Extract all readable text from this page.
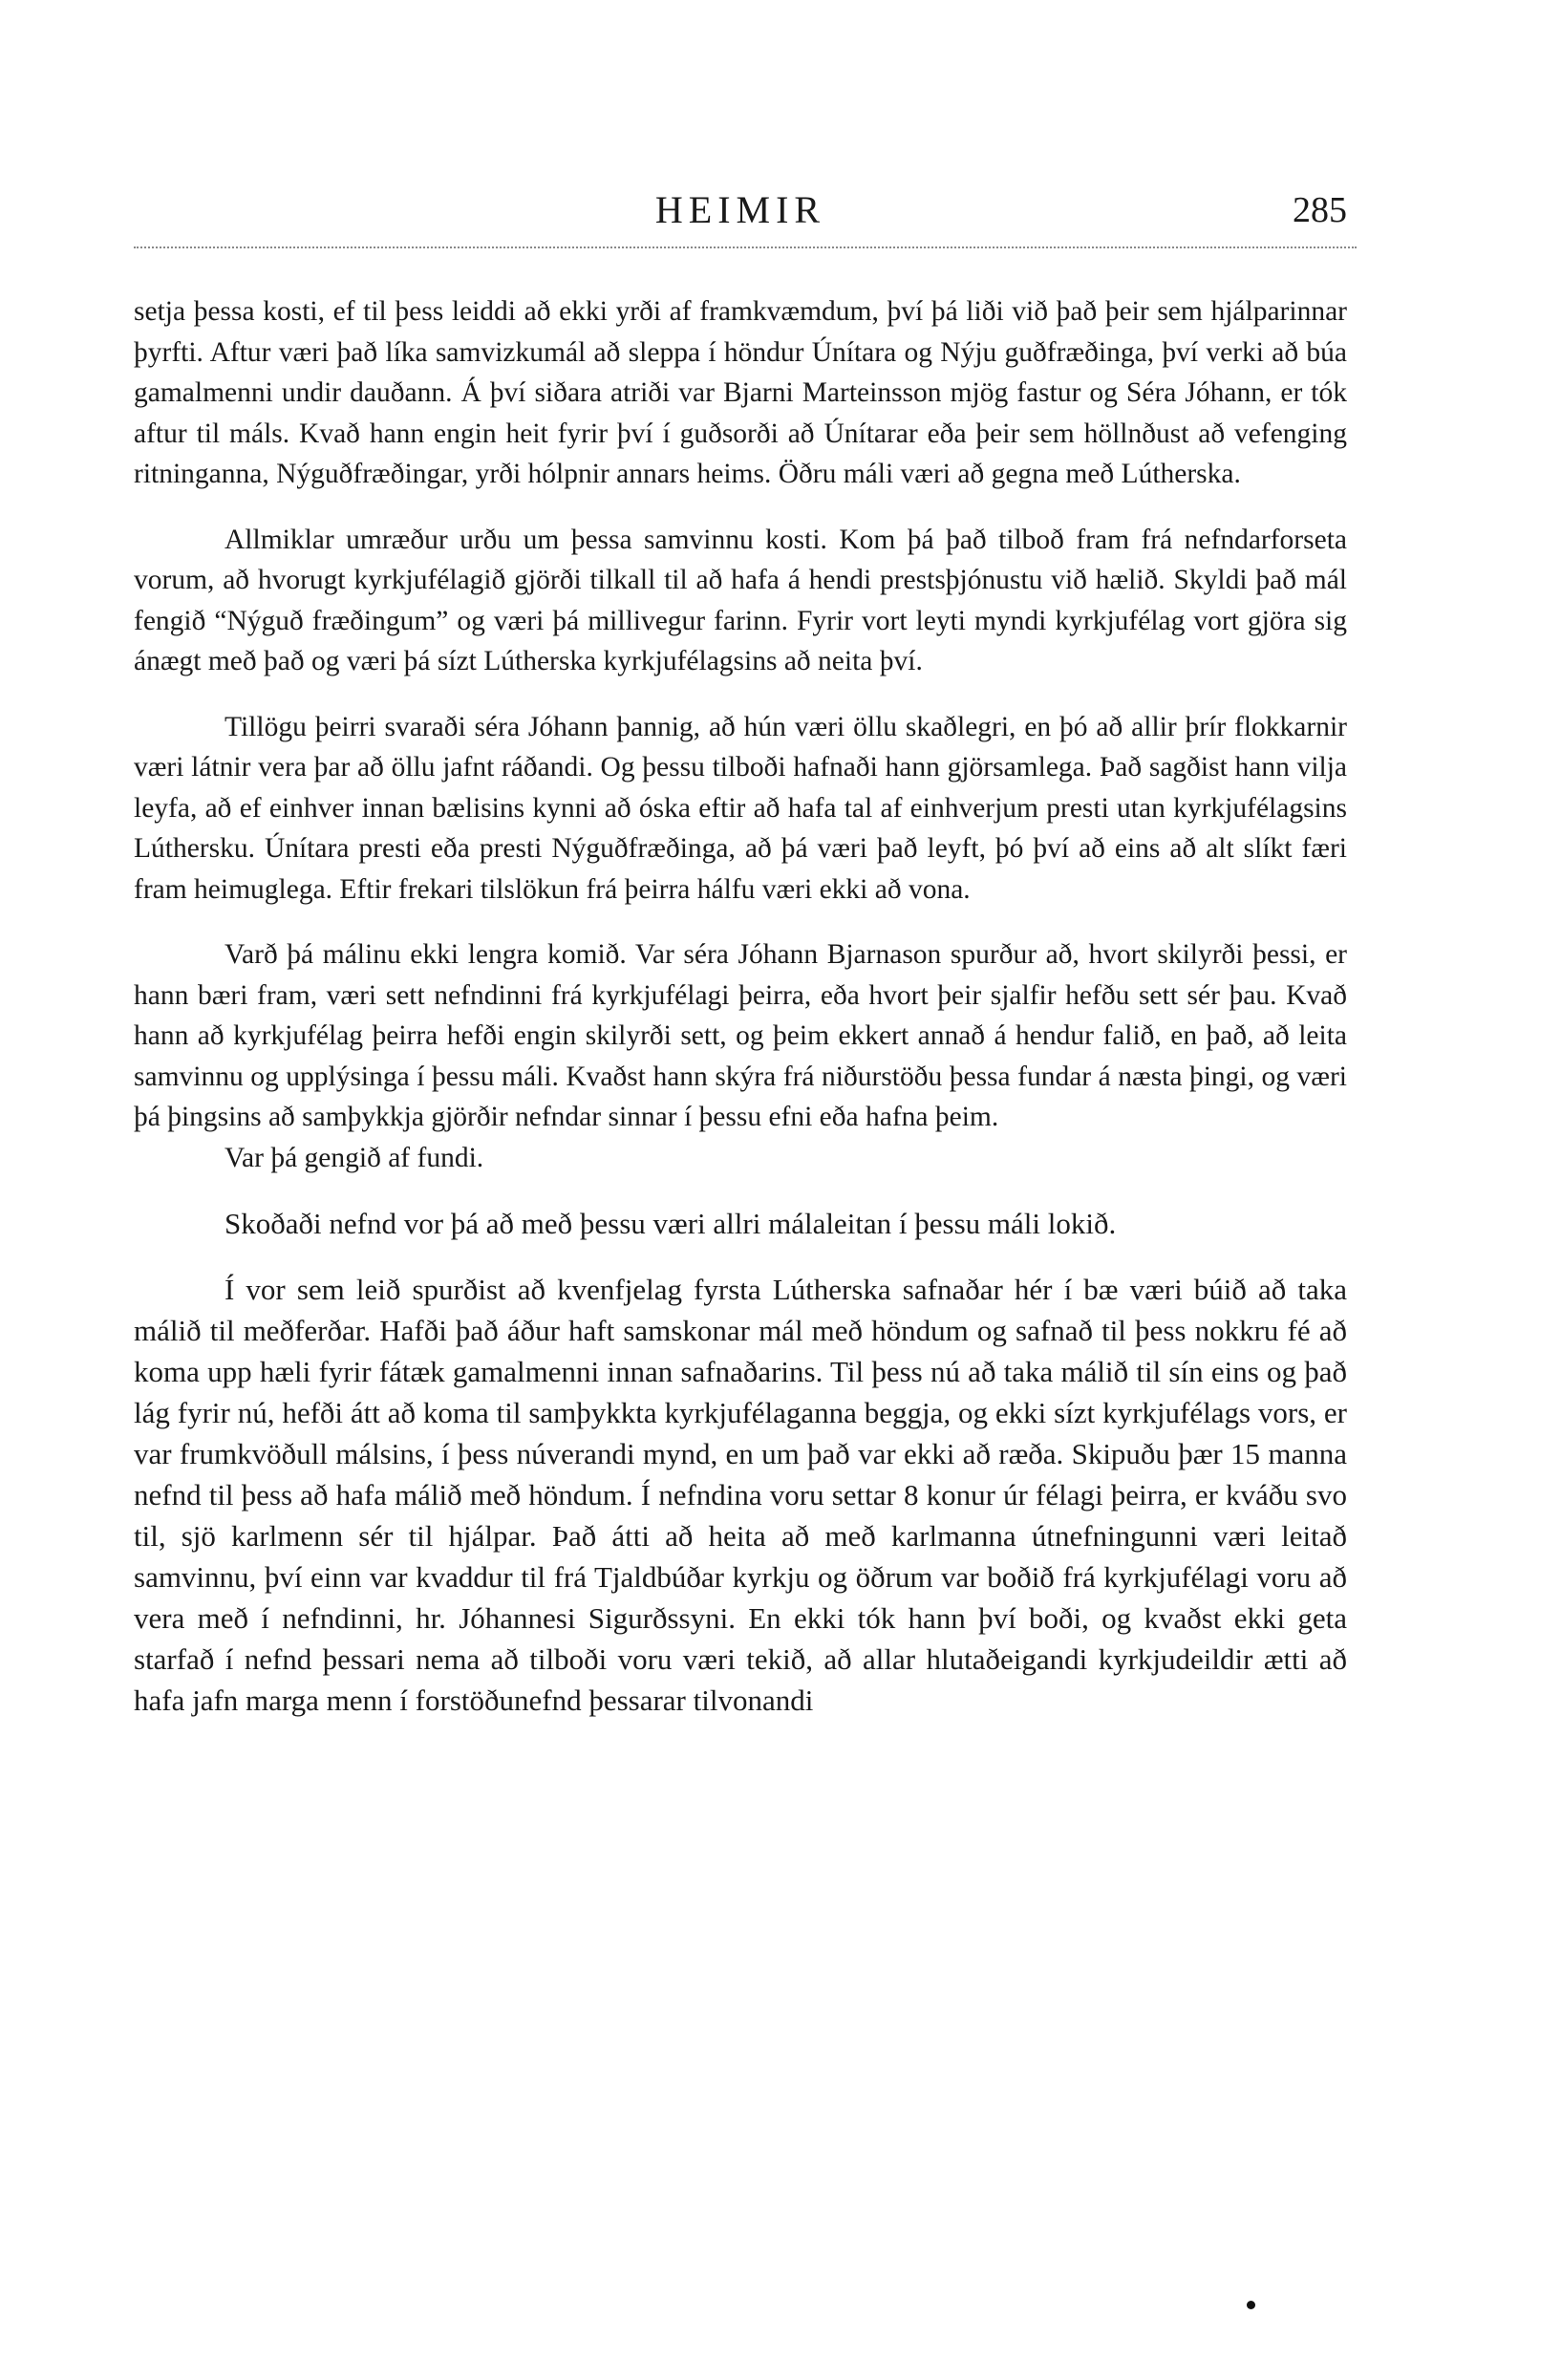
HEIMIR	285

setja þessa kosti, ef til þess leiddi að ekki yrði af framkvæmdum, því þá liði við það þeir sem hjálparinnar þyrfti. Aftur væri það líka samvizkumál að sleppa í höndur Únítara og Nýju guðfræðinga, því verki að búa gamalmenni undir dauðann. Á því siðara atriði var Bjarni Marteinsson mjög fastur og Séra Jóhann, er tók aftur til máls. Kvað hann engin heit fyrir því í guðsorði að Únítarar eða þeir sem höllnðust að vefenging ritninganna, Nýguðfræðingar, yrði hólpnir annars heims. Öðru máli væri að gegna með Lútherska.

Allmiklar umræður urðu um þessa samvinnu kosti. Kom þá það tilboð fram frá nefndarforseta vorum, að hvorugt kyrkjufélagið gjörði tilkall til að hafa á hendi prestsþjónustu við hælið. Skyldi það mál fengið “Nýguð fræðingum” og væri þá millivegur farinn. Fyrir vort leyti myndi kyrkjufélag vort gjöra sig ánægt með það og væri þá sízt Lútherska kyrkjufélagsins að neita því.

Tillögu þeirri svaraði séra Jóhann þannig, að hún væri öllu skaðlegri, en þó að allir þrír flokkarnir væri látnir vera þar að öllu jafnt ráðandi. Og þessu tilboði hafnaði hann gjörsamlega. Það sagðist hann vilja leyfa, að ef einhver innan bælisins kynni að óska eftir að hafa tal af einhverjum presti utan kyrkjufélagsins Lúthersku. Únítara presti eða presti Nýguðfræðinga, að þá væri það leyft, þó því að eins að alt slíkt færi fram heimuglega. Eftir frekari tilslökun frá þeirra hálfu væri ekki að vona.

Varð þá málinu ekki lengra komið. Var séra Jóhann Bjarnason spurður að, hvort skilyrði þessi, er hann bæri fram, væri sett nefndinni frá kyrkjufélagi þeirra, eða hvort þeir sjalfir hefðu sett sér þau. Kvað hann að kyrkjufélag þeirra hefði engin skilyrði sett, og þeim ekkert annað á hendur falið, en það, að leita samvinnu og upplýsinga í þessu máli. Kvaðst hann skýra frá niðurstöðu þessa fundar á næsta þingi, og væri þá þingsins að samþykkja gjörðir nefndar sinnar í þessu efni eða hafna þeim.

Var þá gengið af fundi.

Skoðaði nefnd vor þá að með þessu væri allri málaleitan í þessu máli lokið.

Í vor sem leið spurðist að kvenfjelag fyrsta Lútherska safnaðar hér í bæ væri búið að taka málið til meðferðar. Hafði það áður haft samskonar mál með höndum og safnað til þess nokkru fé að koma upp hæli fyrir fátæk gamalmenni innan safnaðarins. Til þess nú að taka málið til sín eins og það lág fyrir nú, hefði átt að koma til samþykkta kyrkjufélaganna beggja, og ekki sízt kyrkjufélags vors, er var frumkvöðull málsins, í þess núverandi mynd, en um það var ekki að ræða. Skipuðu þær 15 manna nefnd til þess að hafa málið með höndum. Í nefndina voru settar 8 konur úr félagi þeirra, er kváðu svo til, sjö karlmenn sér til hjálpar. Það átti að heita að með karlmanna útnefningunni væri leitað samvinnu, því einn var kvaddur til frá Tjaldbúðar kyrkju og öðrum var boðið frá kyrkjufélagi voru að vera með í nefndinni, hr. Jóhannesi Sigurðssyni. En ekki tók hann því boði, og kvaðst ekki geta starfað í nefnd þessari nema að tilboði voru væri tekið, að allar hlutaðeigandi kyrkjudeildir ætti að hafa jafn marga menn í forstöðunefnd þessarar tilvonandi
